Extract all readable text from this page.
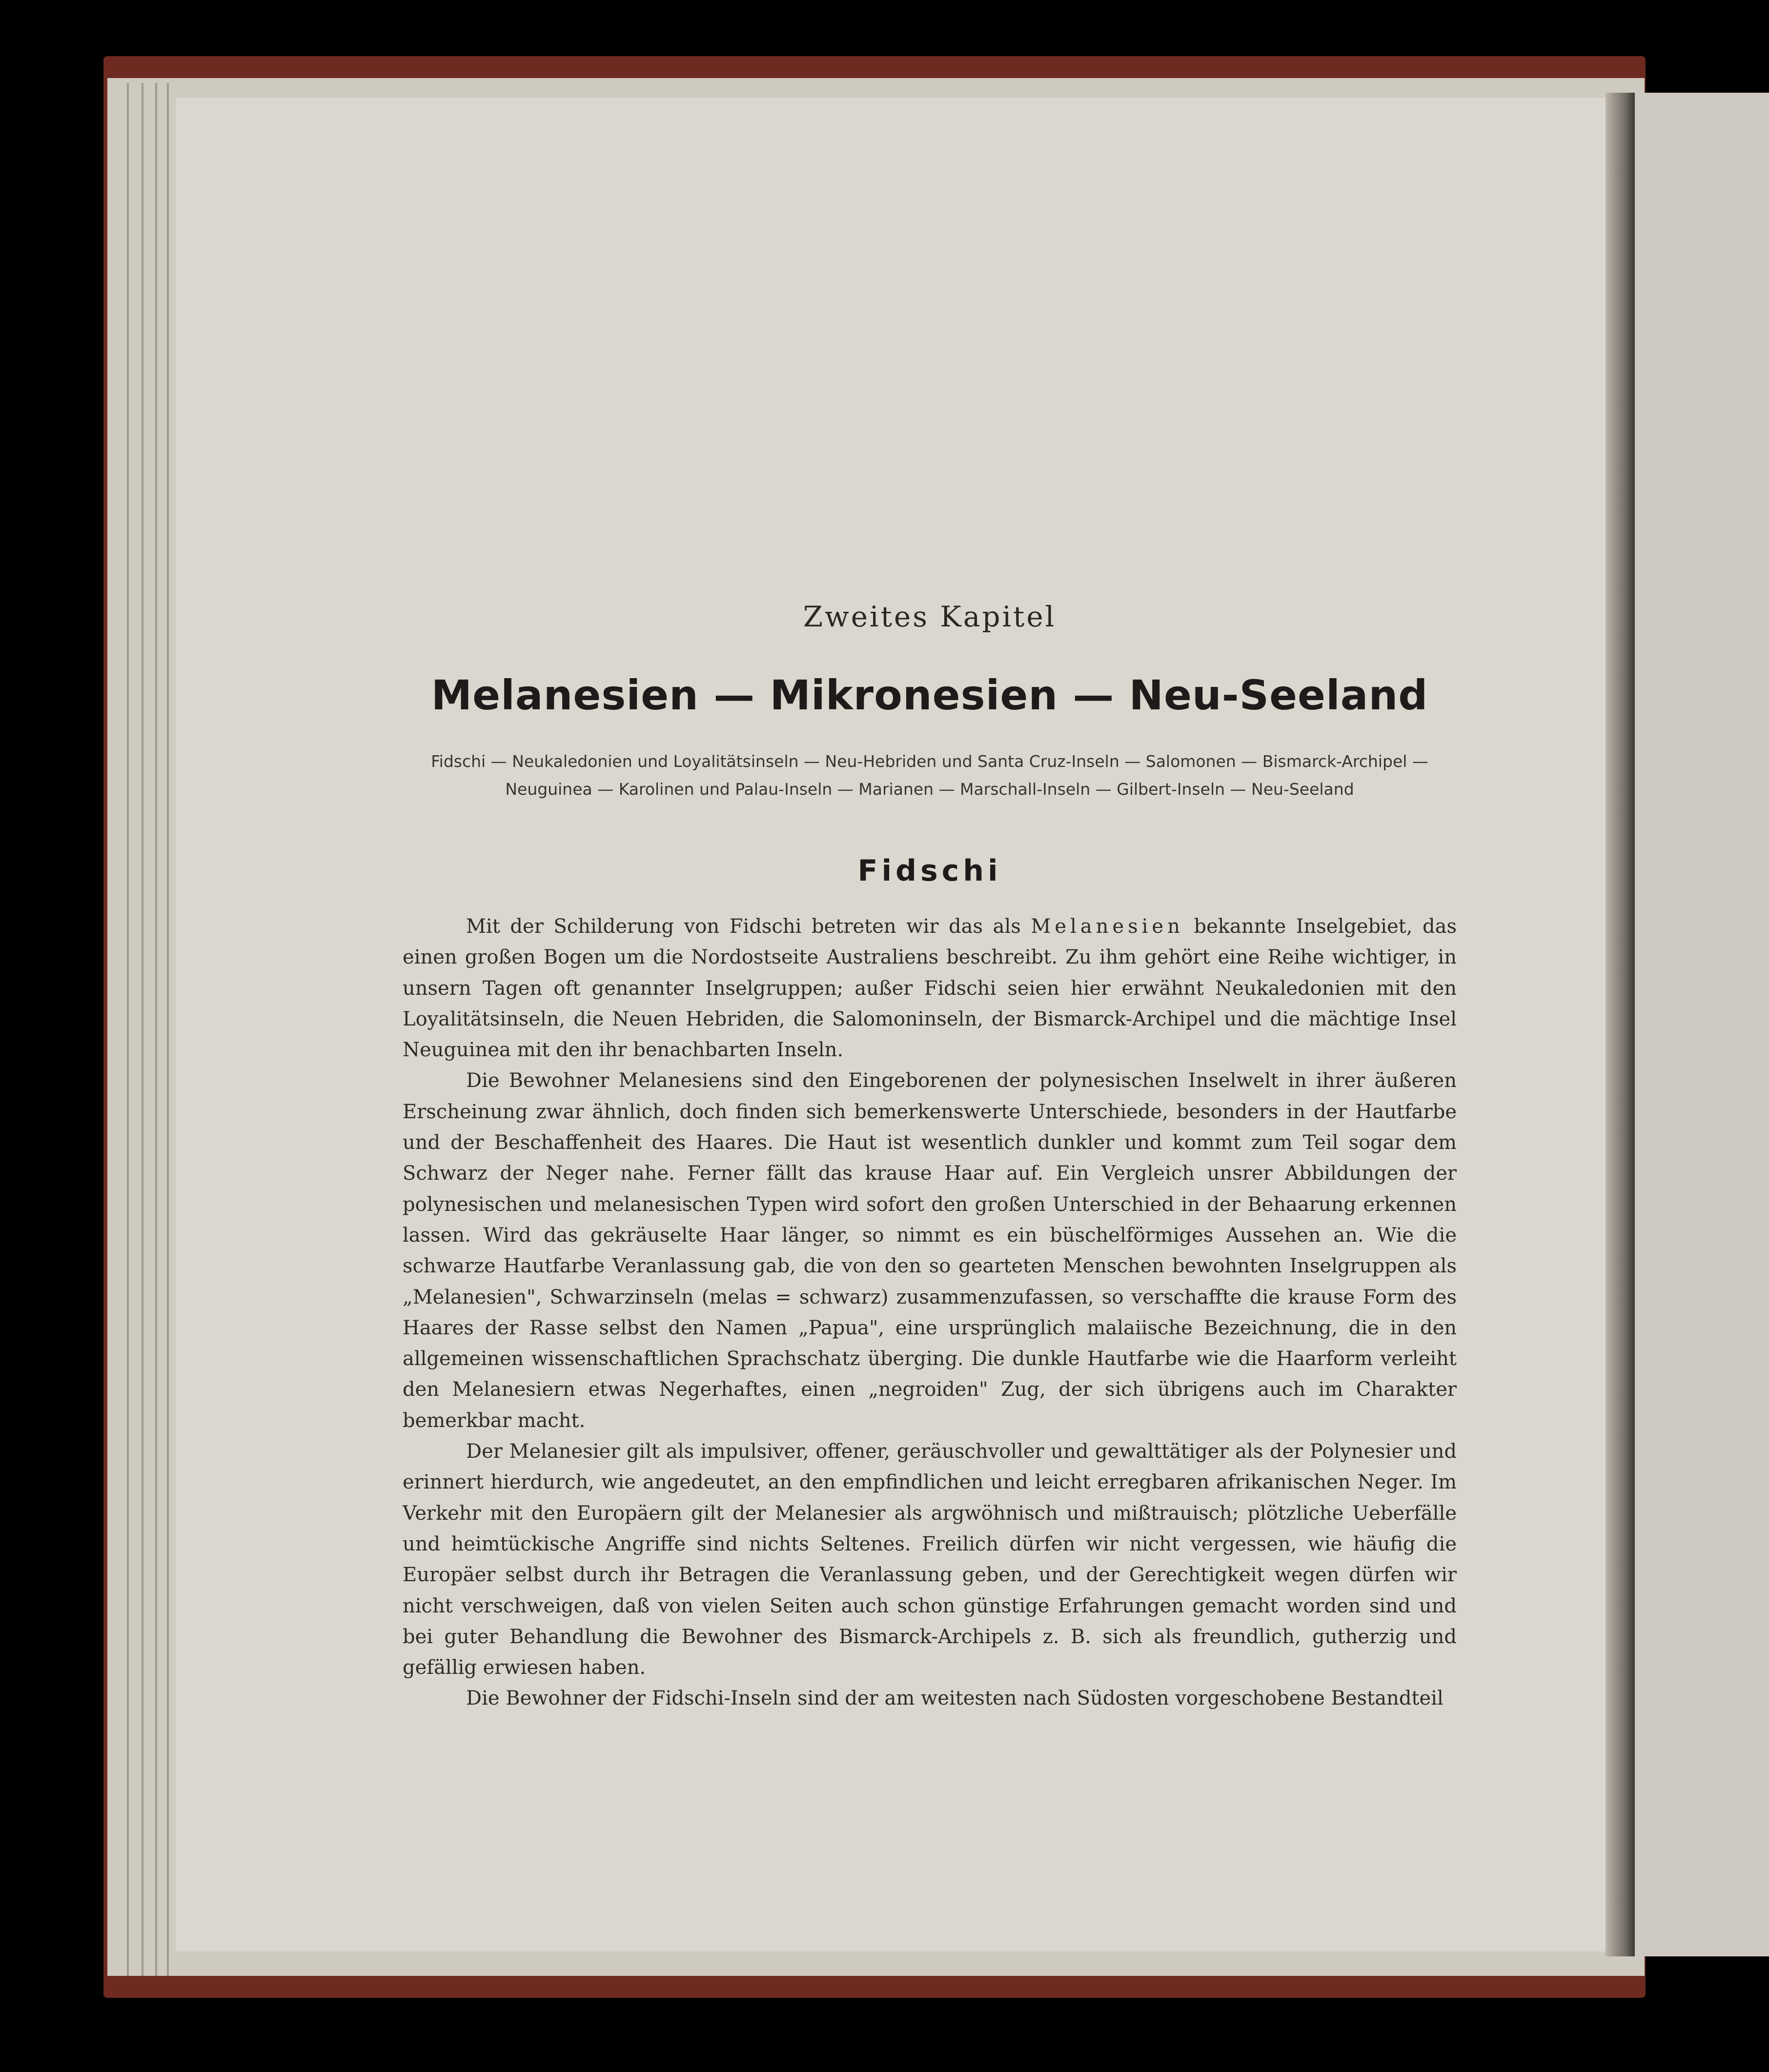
Zweites Kapitel

Melanesien — Mikronesien — Neu-Seeland

Fidschi — Neukaledonien und Loyalitätsinseln — Neu-Hebriden und Santa Cruz-Inseln — Salomonen — Bismarck-Archipel — Neuguinea — Karolinen und Palau-Inseln — Marianen — Marschall-Inseln — Gilbert-Inseln — Neu-Seeland

Fidschi

Mit der Schilderung von Fidschi betreten wir das als Melanesien bekannte Inselgebiet, das einen großen Bogen um die Nordostseite Australiens beschreibt. Zu ihm gehört eine Reihe wichtiger, in unsern Tagen oft genannter Inselgruppen; außer Fidschi seien hier erwähnt Neukaledonien mit den Loyalitätsinseln, die Neuen Hebriden, die Salomoninseln, der Bismarck-Archipel und die mächtige Insel Neuguinea mit den ihr benachbarten Inseln.

Die Bewohner Melanesiens sind den Eingeborenen der polynesischen Inselwelt in ihrer äußeren Erscheinung zwar ähnlich, doch finden sich bemerkenswerte Unterschiede, besonders in der Hautfarbe und der Beschaffenheit des Haares. Die Haut ist wesentlich dunkler und kommt zum Teil sogar dem Schwarz der Neger nahe. Ferner fällt das krause Haar auf. Ein Vergleich unsrer Abbildungen der polynesischen und melanesischen Typen wird sofort den großen Unterschied in der Behaarung erkennen lassen. Wird das gekräuselte Haar länger, so nimmt es ein büschelförmiges Aussehen an. Wie die schwarze Hautfarbe Veranlassung gab, die von den so gearteten Menschen bewohnten Inselgruppen als „Melanesien", Schwarzinseln (melas = schwarz) zusammenzufassen, so verschaffte die krause Form des Haares der Rasse selbst den Namen „Papua", eine ursprünglich malaiische Bezeichnung, die in den allgemeinen wissenschaftlichen Sprachschatz überging. Die dunkle Hautfarbe wie die Haarform verleiht den Melanesiern etwas Negerhaftes, einen „negroiden" Zug, der sich übrigens auch im Charakter bemerkbar macht.

Der Melanesier gilt als impulsiver, offener, geräuschvoller und gewalttätiger als der Polynesier und erinnert hierdurch, wie angedeutet, an den empfindlichen und leicht erregbaren afrikanischen Neger. Im Verkehr mit den Europäern gilt der Melanesier als argwöhnisch und mißtrauisch; plötzliche Ueberfälle und heimtückische Angriffe sind nichts Seltenes. Freilich dürfen wir nicht vergessen, wie häufig die Europäer selbst durch ihr Betragen die Veranlassung geben, und der Gerechtigkeit wegen dürfen wir nicht verschweigen, daß von vielen Seiten auch schon günstige Erfahrungen gemacht worden sind und bei guter Behandlung die Bewohner des Bismarck-Archipels z. B. sich als freundlich, gutherzig und gefällig erwiesen haben.

Die Bewohner der Fidschi-Inseln sind der am weitesten nach Südosten vorgeschobene Bestandteil
